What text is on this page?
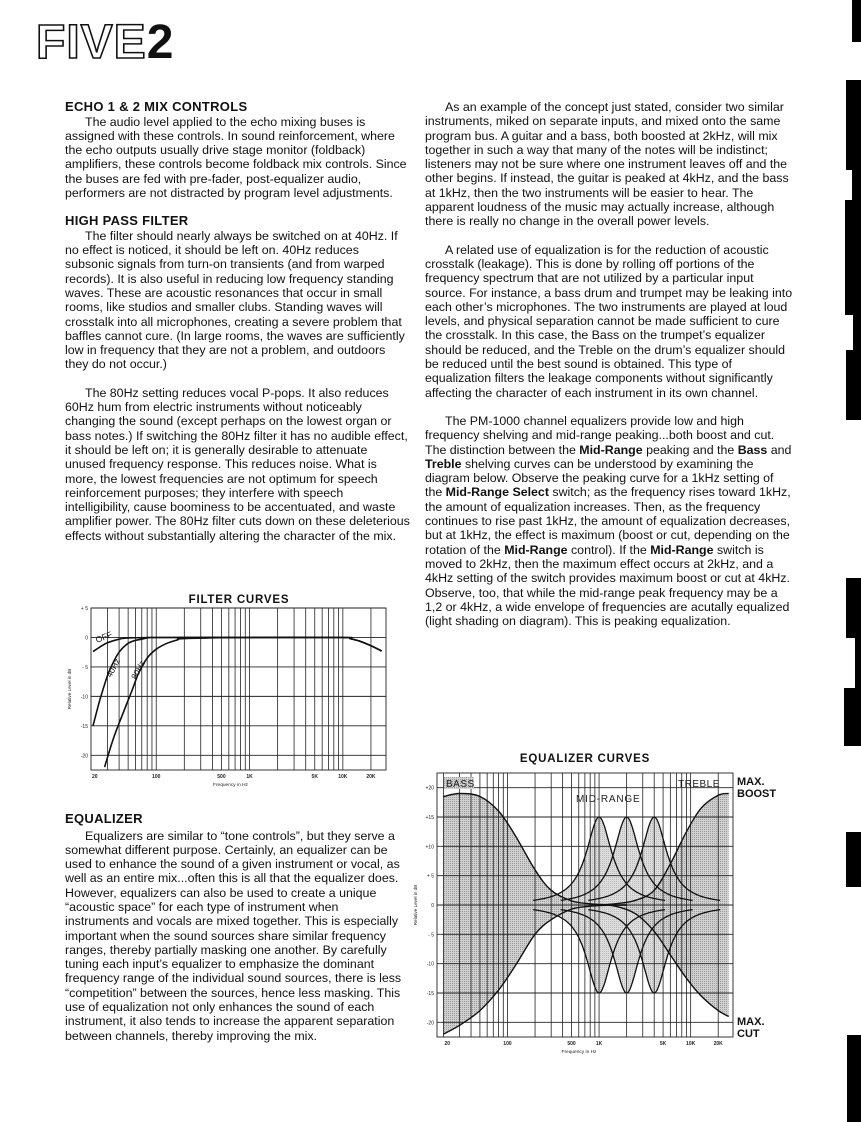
FIVE2
ECHO 1 & 2 MIX CONTROLS

The audio level applied to the echo mixing buses is assigned with these controls. In sound reinforcement, where the echo outputs usually drive stage monitor (foldback) amplifiers, these controls become foldback mix controls. Since the buses are fed with pre-fader, post-equalizer audio, performers are not distracted by program level adjustments.

HIGH PASS FILTER

The filter should nearly always be switched on at 40Hz. If no effect is noticed, it should be left on. 40Hz reduces subsonic signals from turn-on transients (and from warped records). It is also useful in reducing low frequency standing waves. These are acoustic resonances that occur in small rooms, like studios and smaller clubs. Standing waves will crosstalk into all microphones, creating a severe problem that baffles cannot cure. (In large rooms, the waves are sufficiently low in frequency that they are not a problem, and outdoors they do not occur.)

The 80Hz setting reduces vocal P-pops. It also reduces 60Hz hum from electric instruments without noticeably changing the sound (except perhaps on the lowest organ or bass notes.) If switching the 80Hz filter it has no audible effect, it should be left on; it is generally desirable to attenuate unused frequency response. This reduces noise. What is more, the lowest frequencies are not optimum for speech reinforcement purposes; they interfere with speech intelligibility, cause boominess to be accentuated, and waste amplifier power. The 80Hz filter cuts down on these deleterious effects without substantially altering the character of the mix.

EQUALIZER

Equalizers are similar to “tone controls”, but they serve a somewhat different purpose. Certainly, an equalizer can be used to enhance the sound of a given instrument or vocal, as well as an entire mix...often this is all that the equalizer does. However, equalizers can also be used to create a unique “acoustic space” for each type of instrument when instruments and vocals are mixed together. This is especially important when the sound sources share similar frequency ranges, thereby partially masking one another. By carefully tuning each input’s equalizer to emphasize the dominant frequency range of the individual sound sources, there is less “competition” between the sources, hence less masking. This use of equalization not only enhances the sound of each instrument, it also tends to increase the apparent separation between channels, thereby improving the mix.

As an example of the concept just stated, consider two similar instruments, miked on separate inputs, and mixed onto the same program bus. A guitar and a bass, both boosted at 2kHz, will mix together in such a way that many of the notes will be indistinct; listeners may not be sure where one instrument leaves off and the other begins. If instead, the guitar is peaked at 4kHz, and the bass at 1kHz, then the two instruments will be easier to hear. The apparent loudness of the music may actually increase, although there is really no change in the overall power levels.

A related use of equalization is for the reduction of acoustic crosstalk (leakage). This is done by rolling off portions of the frequency spectrum that are not utilized by a particular input source. For instance, a bass drum and trumpet may be leaking into each other’s microphones. The two instruments are played at loud levels, and physical separation cannot be made sufficient to cure the crosstalk. In this case, the Bass on the trumpet’s equalizer should be reduced, and the Treble on the drum’s equalizer should be reduced until the best sound is obtained. This type of equalization filters the leakage components without significantly affecting the character of each instrument in its own channel.

The PM-1000 channel equalizers provide low and high frequency shelving and mid-range peaking...both boost and cut. The distinction between the Mid-Range peaking and the Bass and Treble shelving curves can be understood by examining the diagram below. Observe the peaking curve for a 1kHz setting of the Mid-Range Select switch; as the frequency rises toward 1kHz, the amount of equalization increases. Then, as the frequency continues to rise past 1kHz, the amount of equalization decreases, but at 1kHz, the effect is maximum (boost or cut, depending on the rotation of the Mid-Range control). If the Mid-Range switch is moved to 2kHz, then the maximum effect occurs at 2kHz, and a 4kHz setting of the switch provides maximum boost or cut at 4kHz. Observe, too, that while the mid-range peak frequency may be a 1,2 or 4kHz, a wide envelope of frequencies are acutally equalized (light shading on diagram). This is peaking equalization.

FILTER CURVES
+ 5
0
- 5
-10
-15
-20
20	100	500	1K	5K	10K	20K
Frequency in Hz
Relative Level in dB
OFF
40Hz 80Hz
EQUALIZER CURVES
+20
+15
+10
+ 5
0
- 5
-10
-15
-20
20	100	500	1K	5K	10K	20K
Frequency in Hz
Relative Level in dB
BASS
MID-RANGE
TREBLE MAX.
BOOST
MAX.
CUT
